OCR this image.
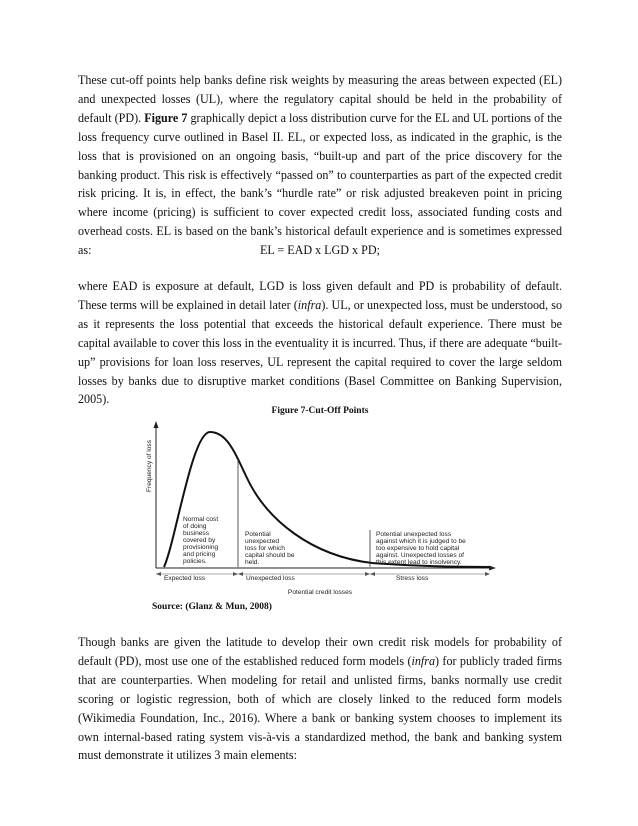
These cut-off points help banks define risk weights by measuring the areas between expected (EL) and unexpected losses (UL), where the regulatory capital should be held in the probability of default (PD). Figure 7 graphically depict a loss distribution curve for the EL and UL portions of the loss frequency curve outlined in Basel II. EL, or expected loss, as indicated in the graphic, is the loss that is provisioned on an ongoing basis, “built-up and part of the price discovery for the banking product. This risk is effectively “passed on” to counterparties as part of the expected credit risk pricing. It is, in effect, the bank’s “hurdle rate” or risk adjusted breakeven point in pricing where income (pricing) is sufficient to cover expected credit loss, associated funding costs and overhead costs. EL is based on the bank’s historical default experience and is sometimes expressed as:	EL = EAD x LGD x PD;

where EAD is exposure at default, LGD is loss given default and PD is probability of default. These terms will be explained in detail later (infra). UL, or unexpected loss, must be understood, so as it represents the loss potential that exceeds the historical default experience. There must be capital available to cover this loss in the eventuality it is incurred. Thus, if there are adequate “built-up” provisions for loan loss reserves, UL represent the capital required to cover the large seldom losses by banks due to disruptive market conditions (Basel Committee on Banking Supervision, 2005).

Figure 7-Cut-Off Points
Frequency of loss
Expected loss	Unexpected loss	Stress loss
Potential credit losses
Normal cost of doing business covered by provisioning and pricing policies.
Potential unexpected loss for which capital should be held.
Potential unexpected loss against which it is judged to be too expensive to hold capital against. Unexpected losses of this extent lead to insolvency.
Source: (Glanz & Mun, 2008)

Though banks are given the latitude to develop their own credit risk models for probability of default (PD), most use one of the established reduced form models (infra) for publicly traded firms that are counterparties. When modeling for retail and unlisted firms, banks normally use credit scoring or logistic regression, both of which are closely linked to the reduced form models (Wikimedia Foundation, Inc., 2016). Where a bank or banking system chooses to implement its own internal-based rating system vis-à-vis a standardized method, the bank and banking system must demonstrate it utilizes 3 main elements:
